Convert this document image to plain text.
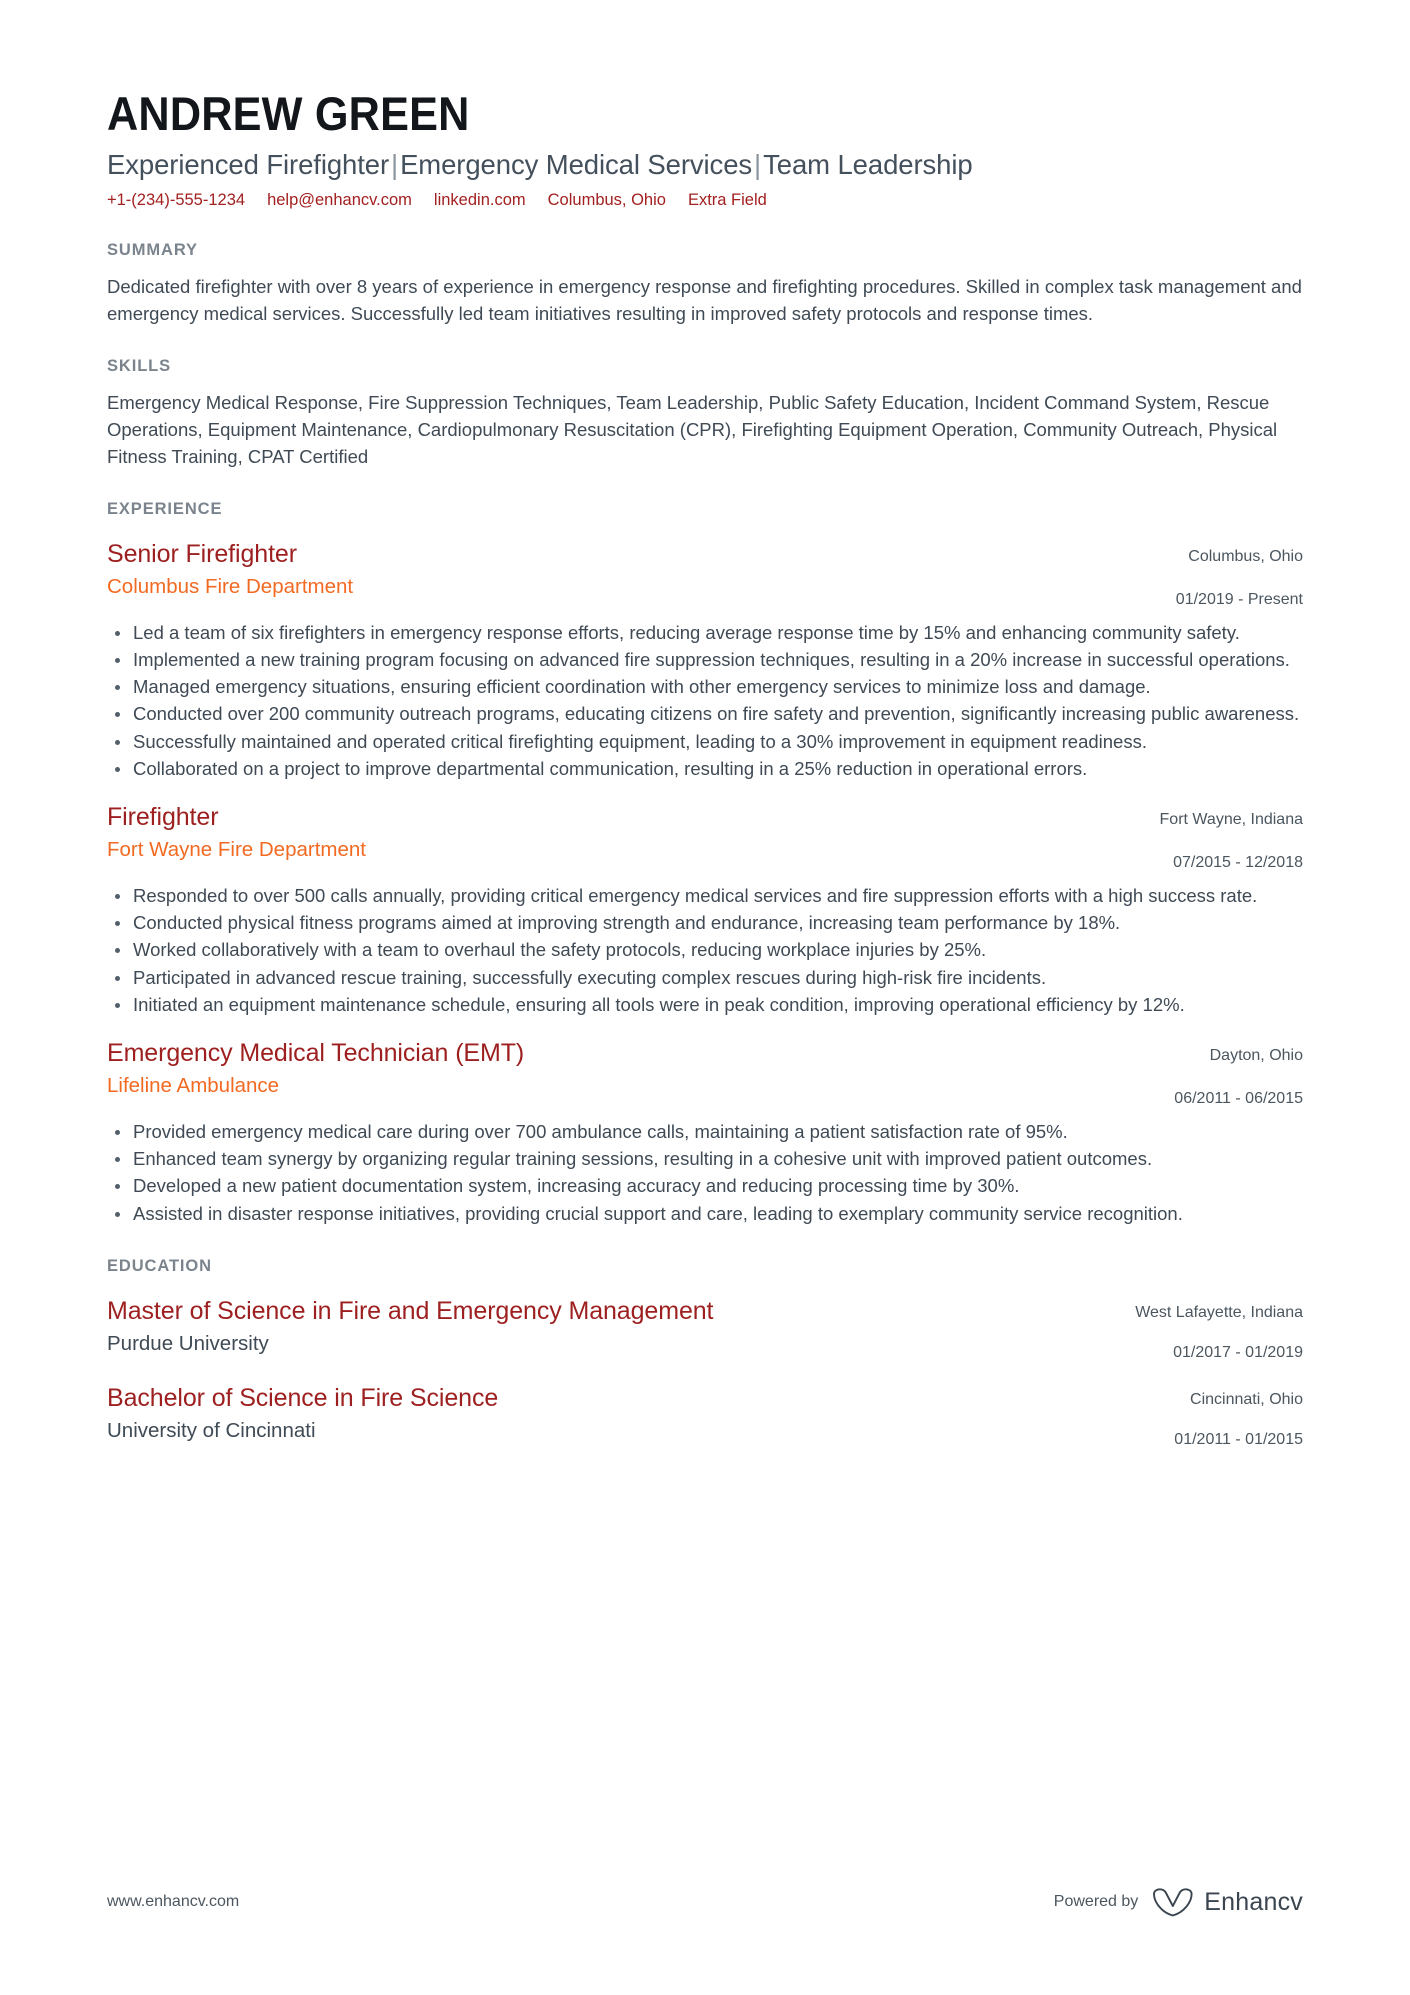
ANDREW GREEN
Experienced Firefighter|Emergency Medical Services|Team Leadership
+1-(234)-555-1234 help@enhancv.com linkedin.com Columbus, Ohio Extra Field
SUMMARY

Dedicated firefighter with over 8 years of experience in emergency response and firefighting procedures. Skilled in complex task management and emergency medical services. Successfully led team initiatives resulting in improved safety protocols and response times.

SKILLS

Emergency Medical Response, Fire Suppression Techniques, Team Leadership, Public Safety Education, Incident Command System, Rescue Operations, Equipment Maintenance, Cardiopulmonary Resuscitation (CPR), Firefighting Equipment Operation, Community Outreach, Physical Fitness Training, CPAT Certified

EXPERIENCE
Senior Firefighter
Columbus Fire Department
Columbus, Ohio
01/2019 - Present
Led a team of six firefighters in emergency response efforts, reducing average response time by 15% and enhancing community safety.
Implemented a new training program focusing on advanced fire suppression techniques, resulting in a 20% increase in successful operations.
Managed emergency situations, ensuring efficient coordination with other emergency services to minimize loss and damage.
Conducted over 200 community outreach programs, educating citizens on fire safety and prevention, significantly increasing public awareness.
Successfully maintained and operated critical firefighting equipment, leading to a 30% improvement in equipment readiness.
Collaborated on a project to improve departmental communication, resulting in a 25% reduction in operational errors.
Firefighter
Fort Wayne Fire Department
Fort Wayne, Indiana
07/2015 - 12/2018
Responded to over 500 calls annually, providing critical emergency medical services and fire suppression efforts with a high success rate.
Conducted physical fitness programs aimed at improving strength and endurance, increasing team performance by 18%.
Worked collaboratively with a team to overhaul the safety protocols, reducing workplace injuries by 25%.
Participated in advanced rescue training, successfully executing complex rescues during high-risk fire incidents.
Initiated an equipment maintenance schedule, ensuring all tools were in peak condition, improving operational efficiency by 12%.
Emergency Medical Technician (EMT)
Lifeline Ambulance
Dayton, Ohio
06/2011 - 06/2015
Provided emergency medical care during over 700 ambulance calls, maintaining a patient satisfaction rate of 95%.
Enhanced team synergy by organizing regular training sessions, resulting in a cohesive unit with improved patient outcomes.
Developed a new patient documentation system, increasing accuracy and reducing processing time by 30%.
Assisted in disaster response initiatives, providing crucial support and care, leading to exemplary community service recognition.
EDUCATION
Master of Science in Fire and Emergency Management
Purdue University
West Lafayette, Indiana
01/2017 - 01/2019
Bachelor of Science in Fire Science
University of Cincinnati
Cincinnati, Ohio
01/2011 - 01/2015
www.enhancv.com	Powered by	Enhancv
